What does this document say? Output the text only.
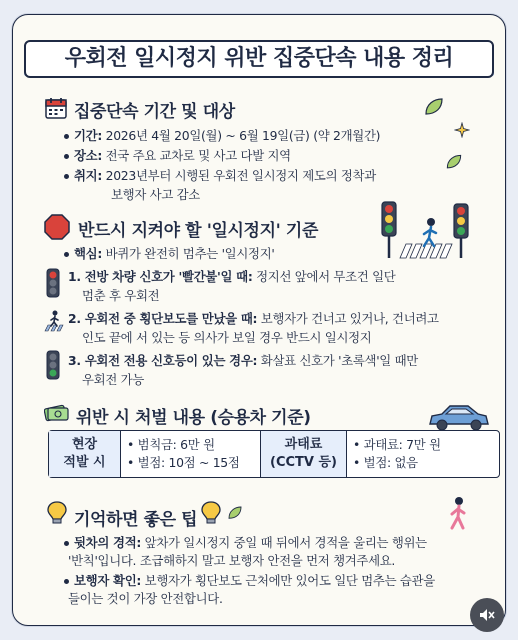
우회전 일시정지 위반 집중단속 내용 정리
집중단속 기간 및 대상
기간: 2026년 4월 20일(월) ~ 6월 19일(금) (약 2개월간)
장소: 전국 주요 교차로 및 사고 다발 지역
취지: 2023년부터 시행된 우회전 일시정지 제도의 정착과
보행자 사고 감소
반드시 지켜야 할 '일시정지' 기준
핵심: 바퀴가 완전히 멈추는 '일시정지'
1. 전방 차량 신호가 '빨간불'일 때: 정지선 앞에서 무조건 일단
멈춘 후 우회전
2. 우회전 중 횡단보도를 만났을 때: 보행자가 건너고 있거나, 건너려고
인도 끝에 서 있는 등 의사가 보일 경우 반드시 일시정지
3. 우회전 전용 신호등이 있는 경우: 화살표 신호가 '초록색'일 때만
우회전 가능
위반 시 처벌 내용 (승용차 기준)
현장
적발 시
• 범칙금: 6만 원
• 벌점: 10점 ~ 15점
과태료
(CCTV 등)
• 과태료: 7만 원
• 벌점: 없음
기억하면 좋은 팁
뒷차의 경적: 앞차가 일시정지 중일 때 뒤에서 경적을 울리는 행위는
'반칙'입니다. 조급해하지 말고 보행자 안전을 먼저 챙겨주세요.
보행자 확인: 보행자가 횡단보도 근처에만 있어도 일단 멈추는 습관을
들이는 것이 가장 안전합니다.
